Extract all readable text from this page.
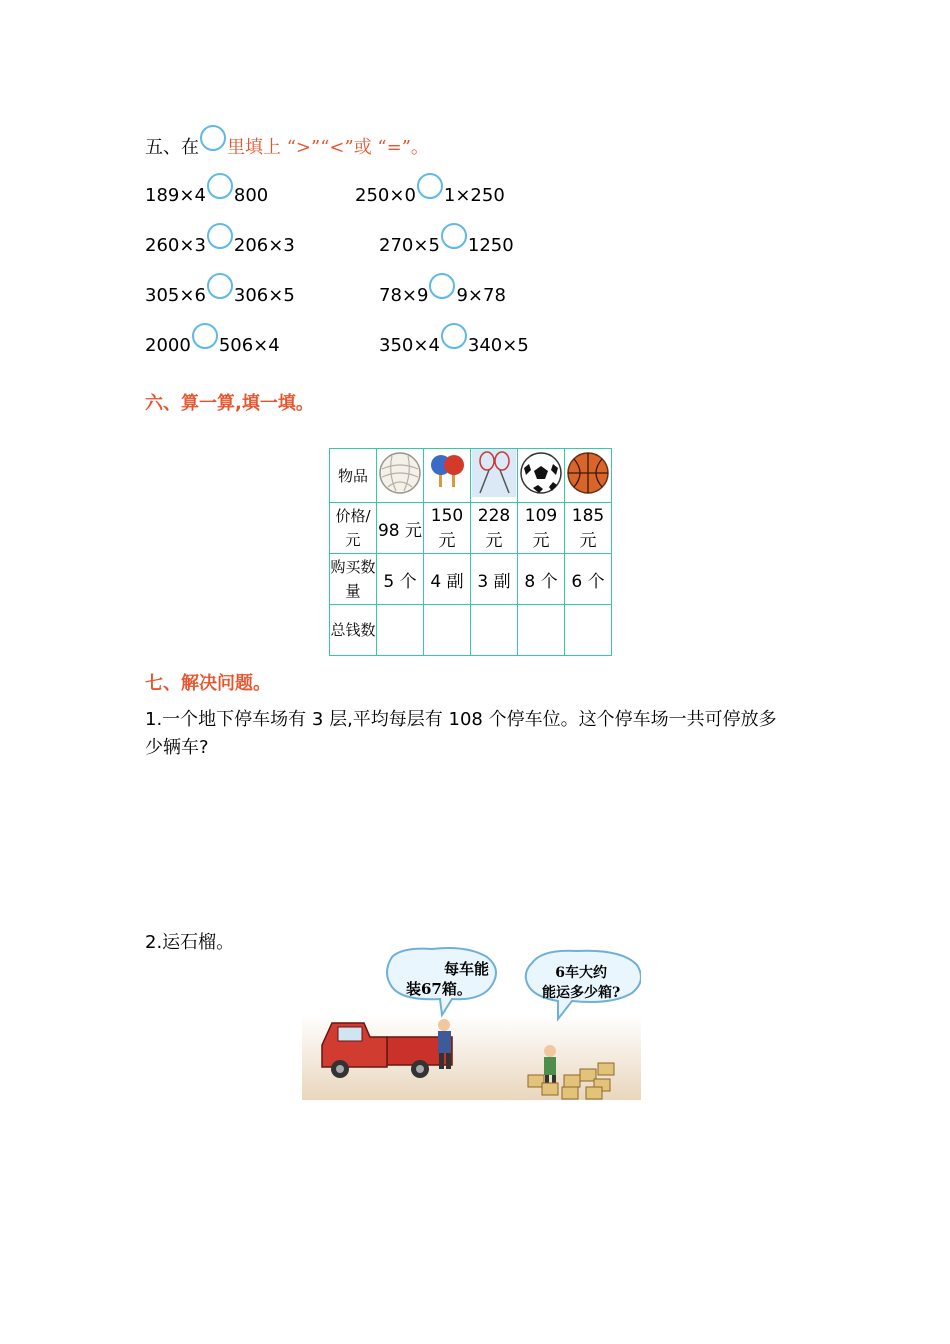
五、在 里填上 “>”“<”或 “=”。
189×4 800	250×0 1×250
260×3 206×3	270×5 1250
305×6 306×5	78×9 9×78
2000 506×4	350×4 340×5
六、算一算,填一填。
物品					
价格/元	98 元	150元	228元	109元	185元
购买数量	5 个	4 副	3 副	8 个	6 个
总钱数					
七、解决问题。
1.一个地下停车场有 3 层,平均每层有 108 个停车位。这个停车场一共可停放多
少辆车?
2.运石榴。
每车能
装67箱。
6车大约
能运多少箱?
